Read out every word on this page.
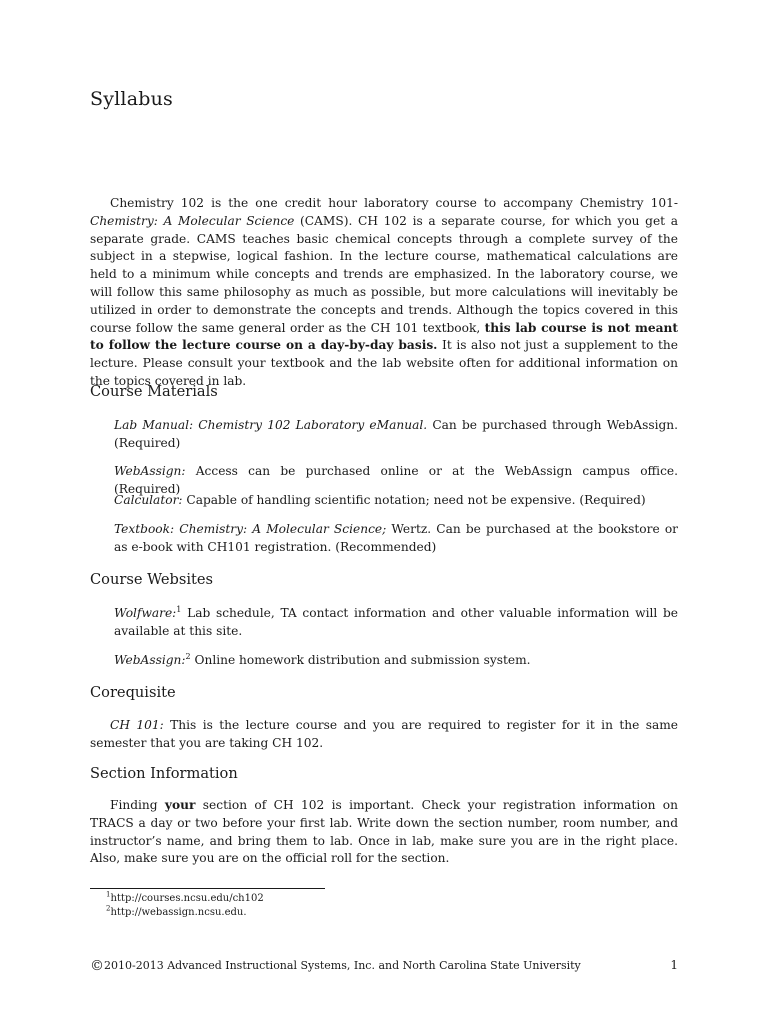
Syllabus

Chemistry 102 is the one credit hour laboratory course to accompany Chemistry 101-Chemistry: A Molecular Science (CAMS). CH 102 is a separate course, for which you get a separate grade. CAMS teaches basic chemical concepts through a complete survey of the subject in a stepwise, logical fashion. In the lecture course, mathematical calculations are held to a minimum while concepts and trends are emphasized. In the laboratory course, we will follow this same philosophy as much as possible, but more calculations will inevitably be utilized in order to demonstrate the concepts and trends. Although the topics covered in this course follow the same general order as the CH 101 textbook, this lab course is not meant to follow the lecture course on a day-by-day basis. It is also not just a supplement to the lecture. Please consult your textbook and the lab website often for additional information on the topics covered in lab.

Course Materials

Lab Manual: Chemistry 102 Laboratory eManual. Can be purchased through WebAssign. (Required)

WebAssign: Access can be purchased online or at the WebAssign campus office. (Required)

Calculator: Capable of handling scientific notation; need not be expensive. (Required)

Textbook: Chemistry: A Molecular Science; Wertz. Can be purchased at the bookstore or as e-book with CH101 registration. (Recommended)

Course Websites

Wolfware:$^1$ Lab schedule, TA contact information and other valuable information will be available at this site.

WebAssign:$^2$ Online homework distribution and submission system.

Corequisite

CH 101: This is the lecture course and you are required to register for it in the same semester that you are taking CH 102.

Section Information

Finding your section of CH 102 is important. Check your registration information on TRACS a day or two before your first lab. Write down the section number, room number, and instructor’s name, and bring them to lab. Once in lab, make sure you are in the right place. Also, make sure you are on the official roll for the section.

$^1$http://courses.ncsu.edu/ch102
$^2$http://webassign.ncsu.edu.
©2010-2013 Advanced Instructional Systems, Inc. and North Carolina State University	1
